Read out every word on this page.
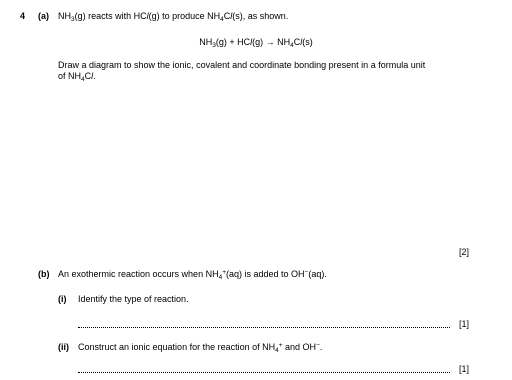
4 (a) $NH_3(g)$ reacts with HCl(g) to produce $NH_4Cl(s)$, as shown.
$NH_3(g) + HCl(g) \to NH_4Cl(s)$
Draw a diagram to show the ionic, covalent and coordinate bonding present in a formula unit
of $NH_4Cl$.
[2]
(b) An exothermic reaction occurs when $NH_4^+(aq)$ is added to OH−(aq).
(i) Identify the type of reaction.
[1]
(ii) Construct an ionic equation for the reaction of $NH_4^+$ and OH−.
[1]
